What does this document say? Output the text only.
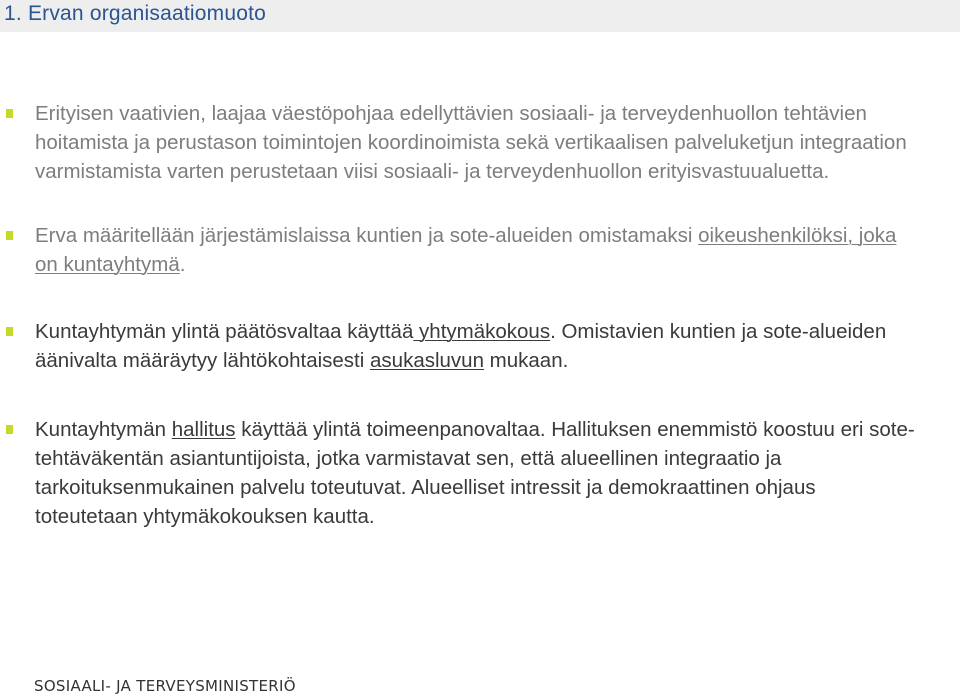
1. Ervan organisaatiomuoto
Erityisen vaativien, laajaa väestöpohjaa edellyttävien sosiaali- ja terveydenhuollon tehtävien hoitamista ja perustason toimintojen koordinoimista sekä vertikaalisen palveluketjun integraation varmistamista varten perustetaan viisi sosiaali- ja terveydenhuollon erityisvastuualuetta.
Erva määritellään järjestämislaissa kuntien ja sote-alueiden omistamaksi oikeushenkilöksi, joka on kuntayhtymä.
Kuntayhtymän ylintä päätösvaltaa käyttää yhtymäkokous. Omistavien kuntien ja sote-alueiden äänivalta määräytyy lähtökohtaisesti asukasluvun mukaan.
Kuntayhtymän hallitus käyttää ylintä toimeenpanovaltaa. Hallituksen enemmistö koostuu eri sote-tehtäväkentän asiantuntijoista, jotka varmistavat sen, että alueellinen integraatio ja tarkoituksenmukainen palvelu toteutuvat. Alueelliset intressit ja demokraattinen ohjaus toteutetaan yhtymäkokouksen kautta.
SOSIAALI- JA TERVEYSMINISTERIÖ
